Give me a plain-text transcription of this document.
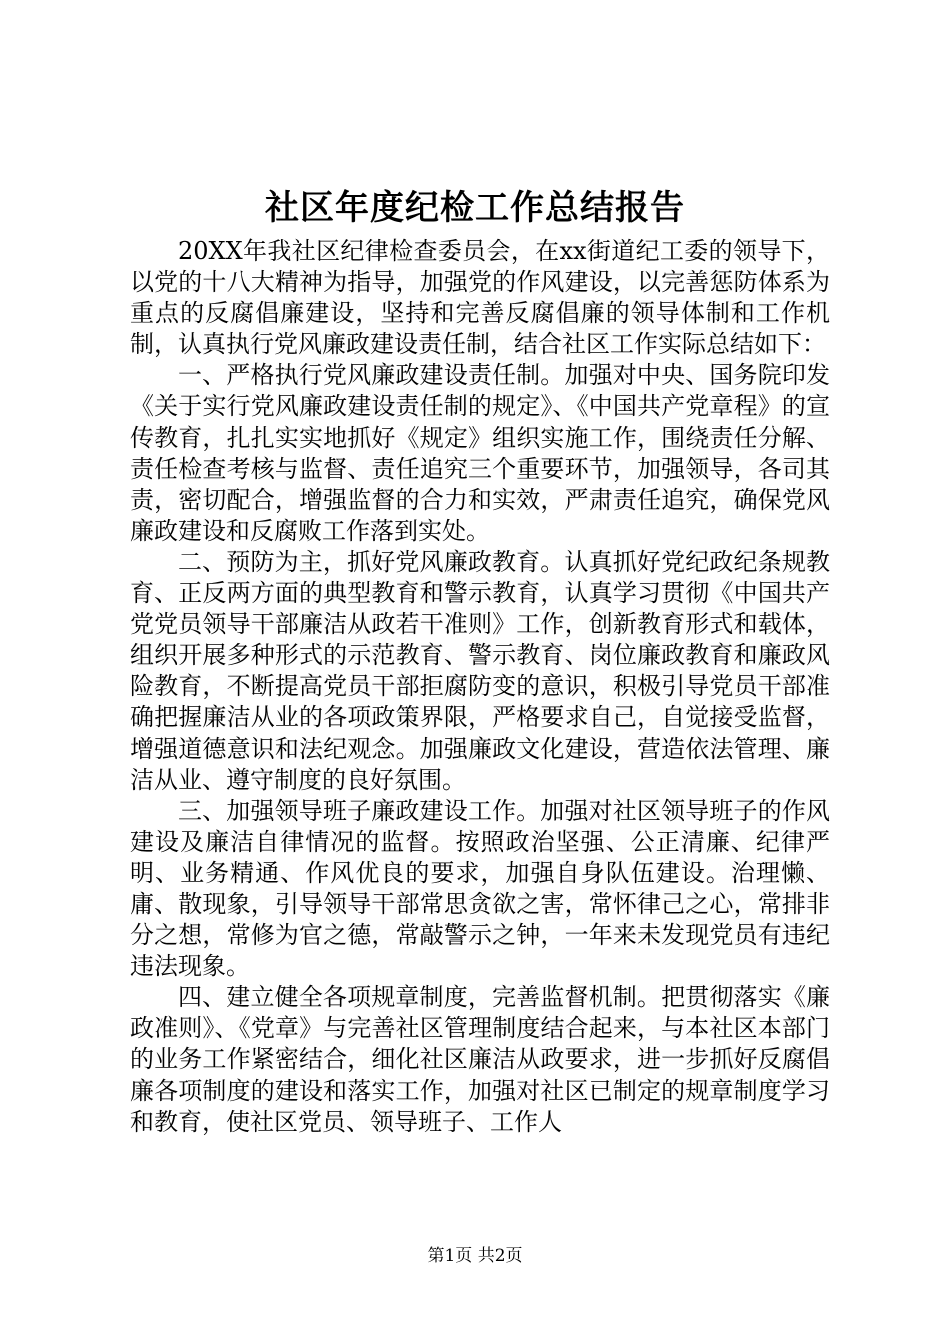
社区年度纪检工作总结报告

20XX年我社区纪律检查委员会，在xx街道纪工委的领导下，以党的十八大精神为指导，加强党的作风建设，以完善惩防体系为重点的反腐倡廉建设，坚持和完善反腐倡廉的领导体制和工作机制，认真执行党风廉政建设责任制，结合社区工作实际总结如下：

一、严格执行党风廉政建设责任制。加强对中央、国务院印发《关于实行党风廉政建设责任制的规定》、《中国共产党章程》的宣传教育，扎扎实实地抓好《规定》组织实施工作，围绕责任分解、责任检查考核与监督、责任追究三个重要环节，加强领导，各司其责，密切配合，增强监督的合力和实效，严肃责任追究，确保党风廉政建设和反腐败工作落到实处。

二、预防为主，抓好党风廉政教育。认真抓好党纪政纪条规教育、正反两方面的典型教育和警示教育，认真学习贯彻《中国共产党党员领导干部廉洁从政若干准则》工作，创新教育形式和载体，组织开展多种形式的示范教育、警示教育、岗位廉政教育和廉政风险教育，不断提高党员干部拒腐防变的意识，积极引导党员干部准确把握廉洁从业的各项政策界限，严格要求自己，自觉接受监督，增强道德意识和法纪观念。加强廉政文化建设，营造依法管理、廉洁从业、遵守制度的良好氛围。

三、加强领导班子廉政建设工作。加强对社区领导班子的作风建设及廉洁自律情况的监督。按照政治坚强、公正清廉、纪律严明、业务精通、作风优良的要求，加强自身队伍建设。治理懒、庸、散现象，引导领导干部常思贪欲之害，常怀律己之心，常排非分之想，常修为官之德，常敲警示之钟，一年来未发现党员有违纪违法现象。

四、建立健全各项规章制度，完善监督机制。把贯彻落实《廉政准则》、《党章》与完善社区管理制度结合起来，与本社区本部门的业务工作紧密结合，细化社区廉洁从政要求，进一步抓好反腐倡廉各项制度的建设和落实工作，加强对社区已制定的规章制度学习和教育，使社区党员、领导班子、工作人

第1页 共2页
